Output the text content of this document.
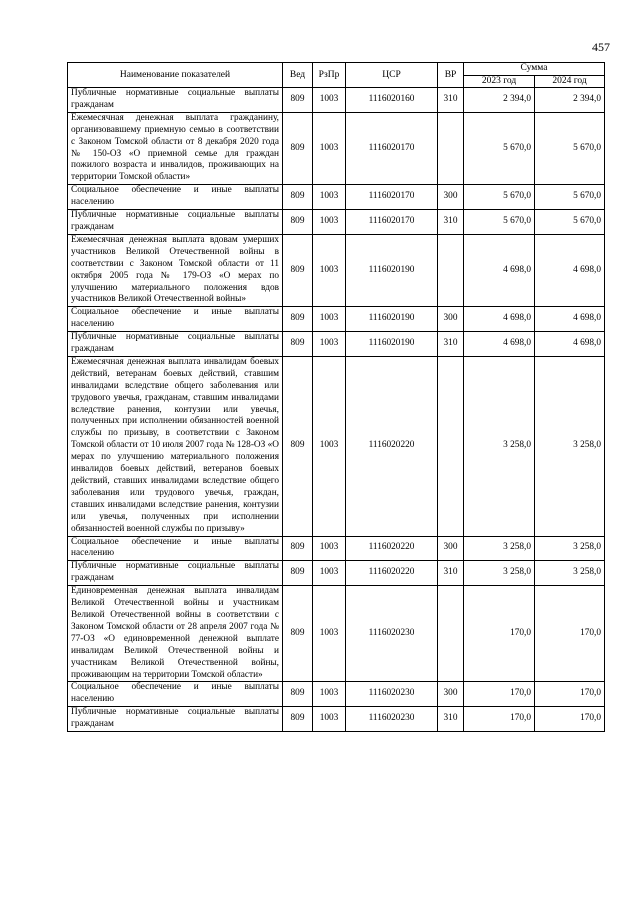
457
Наименование показателей	Вед	РзПр	ЦСР	ВР	Сумма	
					2023 год	2024 год
Публичные нормативные социальные выплаты гражданам	809	1003	1116020160	310	2 394,0	2 394,0
Ежемесячная денежная выплата гражданину, организовавшему приемную семью в соответствии с Законом Томской области от 8 декабря 2020 года № 150-ОЗ «О приемной семье для граждан пожилого возраста и инвалидов, проживающих на территории Томской области»	809	1003	1116020170		5 670,0	5 670,0
Социальное обеспечение и иные выплаты населению	809	1003	1116020170	300	5 670,0	5 670,0
Публичные нормативные социальные выплаты гражданам	809	1003	1116020170	310	5 670,0	5 670,0
Ежемесячная денежная выплата вдовам умерших участников Великой Отечественной войны в соответствии с Законом Томской области от 11 октября 2005 года № 179-ОЗ «О мерах по улучшению материального положения вдов участников Великой Отечественной войны»	809	1003	1116020190		4 698,0	4 698,0
Социальное обеспечение и иные выплаты населению	809	1003	1116020190	300	4 698,0	4 698,0
Публичные нормативные социальные выплаты гражданам	809	1003	1116020190	310	4 698,0	4 698,0
Ежемесячная денежная выплата инвалидам боевых действий, ветеранам боевых действий, ставшим инвалидами вследствие общего заболевания или трудового увечья, гражданам, ставшим инвалидами вследствие ранения, контузии или увечья, полученных при исполнении обязанностей военной службы по призыву, в соответствии с Законом Томской области от 10 июля 2007 года № 128-ОЗ «О мерах по улучшению материального положения инвалидов боевых действий, ветеранов боевых действий, ставших инвалидами вследствие общего заболевания или трудового увечья, граждан, ставших инвалидами вследствие ранения, контузии или увечья, полученных при исполнении обязанностей военной службы по призыву»	809	1003	1116020220		3 258,0	3 258,0
Социальное обеспечение и иные выплаты населению	809	1003	1116020220	300	3 258,0	3 258,0
Публичные нормативные социальные выплаты гражданам	809	1003	1116020220	310	3 258,0	3 258,0
Единовременная денежная выплата инвалидам Великой Отечественной войны и участникам Великой Отечественной войны в соответствии с Законом Томской области от 28 апреля 2007 года № 77-ОЗ «О единовременной денежной выплате инвалидам Великой Отечественной войны и участникам Великой Отечественной войны, проживающим на территории Томской области»	809	1003	1116020230		170,0	170,0
Социальное обеспечение и иные выплаты населению	809	1003	1116020230	300	170,0	170,0
Публичные нормативные социальные выплаты гражданам	809	1003	1116020230	310	170,0	170,0
